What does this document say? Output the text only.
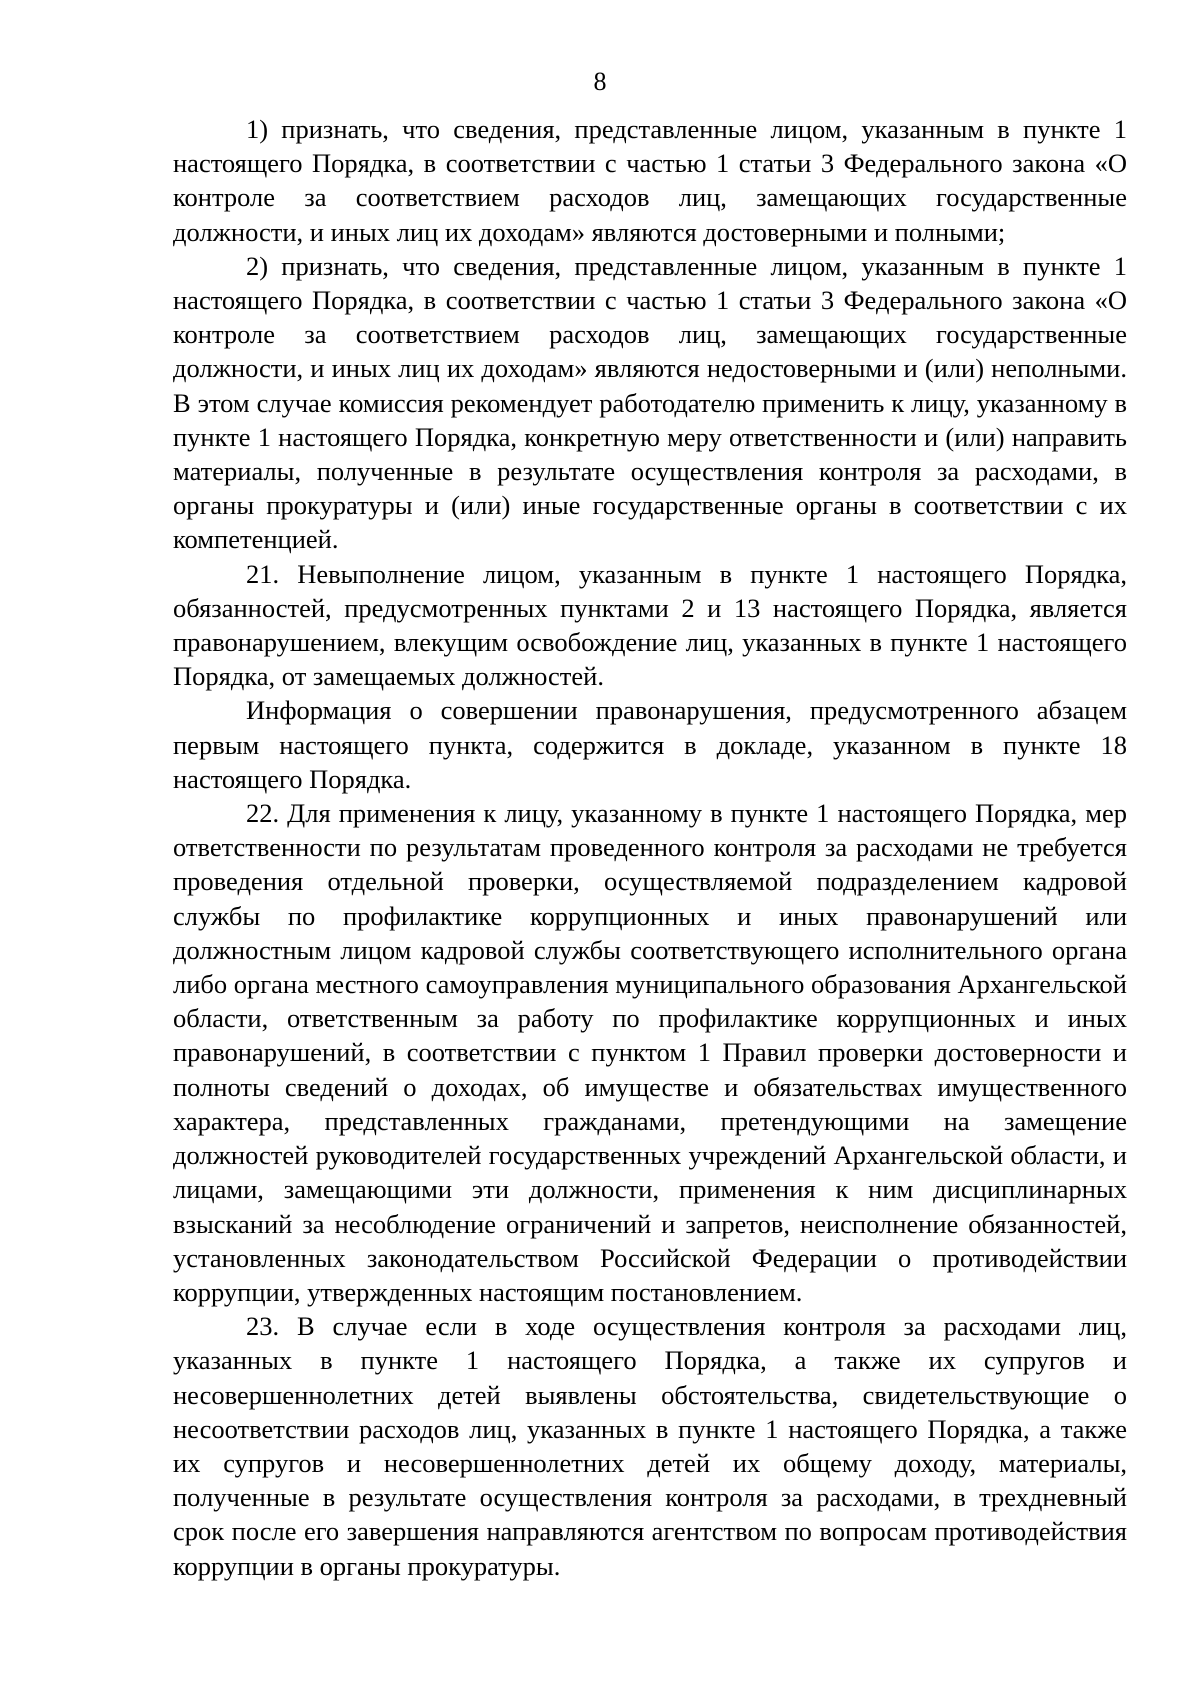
8

1) признать, что сведения, представленные лицом, указанным в пункте 1 настоящего Порядка, в соответствии с частью 1 статьи 3 Федерального закона «О контроле за соответствием расходов лиц, замещающих государственные должности, и иных лиц их доходам» являются достоверными и полными;

2) признать, что сведения, представленные лицом, указанным в пункте 1 настоящего Порядка, в соответствии с частью 1 статьи 3 Федерального закона «О контроле за соответствием расходов лиц, замещающих государственные должности, и иных лиц их доходам» являются недостоверными и (или) неполными. В этом случае комиссия рекомендует работодателю применить к лицу, указанному в пункте 1 настоящего Порядка, конкретную меру ответственности и (или) направить материалы, полученные в результате осуществления контроля за расходами, в органы прокуратуры и (или) иные государственные органы в соответствии с их компетенцией.

21. Невыполнение лицом, указанным в пункте 1 настоящего Порядка, обязанностей, предусмотренных пунктами 2 и 13 настоящего Порядка, является правонарушением, влекущим освобождение лиц, указанных в пункте 1 настоящего Порядка, от замещаемых должностей.

Информация о совершении правонарушения, предусмотренного абзацем первым настоящего пункта, содержится в докладе, указанном в пункте 18 настоящего Порядка.

22. Для применения к лицу, указанному в пункте 1 настоящего Порядка, мер ответственности по результатам проведенного контроля за расходами не требуется проведения отдельной проверки, осуществляемой подразделением кадровой службы по профилактике коррупционных и иных правонарушений или должностным лицом кадровой службы соответствующего исполнительного органа либо органа местного самоуправления муниципального образования Архангельской области, ответственным за работу по профилактике коррупционных и иных правонарушений, в соответствии с пунктом 1 Правил проверки достоверности и полноты сведений о доходах, об имуществе и обязательствах имущественного характера, представленных гражданами, претендующими на замещение должностей руководителей государственных учреждений Архангельской области, и лицами, замещающими эти должности, применения к ним дисциплинарных взысканий за несоблюдение ограничений и запретов, неисполнение обязанностей, установленных законодательством Российской Федерации о противодействии коррупции, утвержденных настоящим постановлением.

23. В случае если в ходе осуществления контроля за расходами лиц, указанных в пункте 1 настоящего Порядка, а также их супругов и несовершеннолетних детей выявлены обстоятельства, свидетельствующие о несоответствии расходов лиц, указанных в пункте 1 настоящего Порядка, а также их супругов и несовершеннолетних детей их общему доходу, материалы, полученные в результате осуществления контроля за расходами, в трехдневный срок после его завершения направляются агентством по вопросам противодействия коррупции в органы прокуратуры.
